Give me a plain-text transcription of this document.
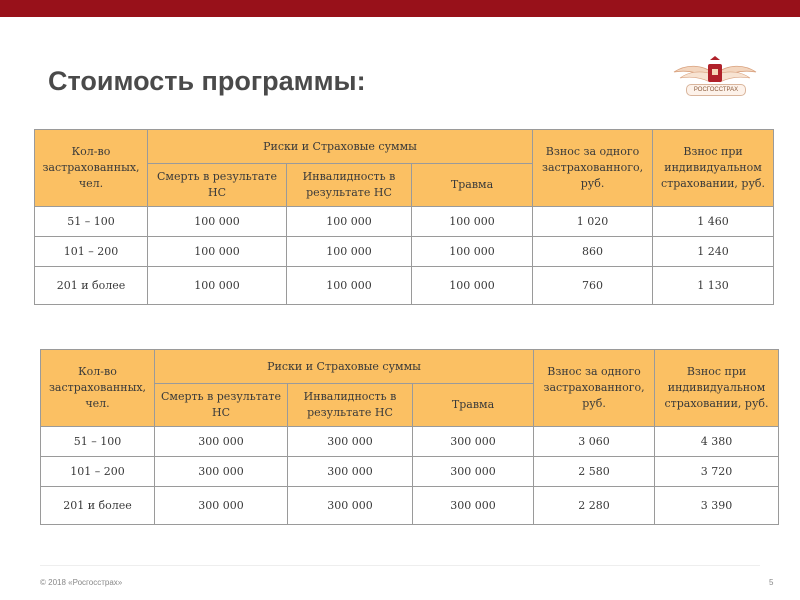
Стоимость программы:	РОСГОССТРАХ
Кол-во застрахованных, чел.	Риски и Страховые суммы			Взнос за одного застрахованного, руб.	Взнос при индивидуальном страховании, руб.
	Смерть в результате НС	Инвалидность в результате НС	Травма		
51 – 100	100 000	100 000	100 000	1 020	1 460
101 – 200	100 000	100 000	100 000	860	1 240
201 и более	100 000	100 000	100 000	760	1 130
Кол-во застрахованных, чел.	Риски и Страховые суммы			Взнос за одного застрахованного, руб.	Взнос при индивидуальном страховании, руб.
	Смерть в результате НС	Инвалидность в результате НС	Травма		
51 – 100	300 000	300 000	300 000	3 060	4 380
101 – 200	300 000	300 000	300 000	2 580	3 720
201 и более	300 000	300 000	300 000	2 280	3 390
© 2018 «Росгосстрах»	5
